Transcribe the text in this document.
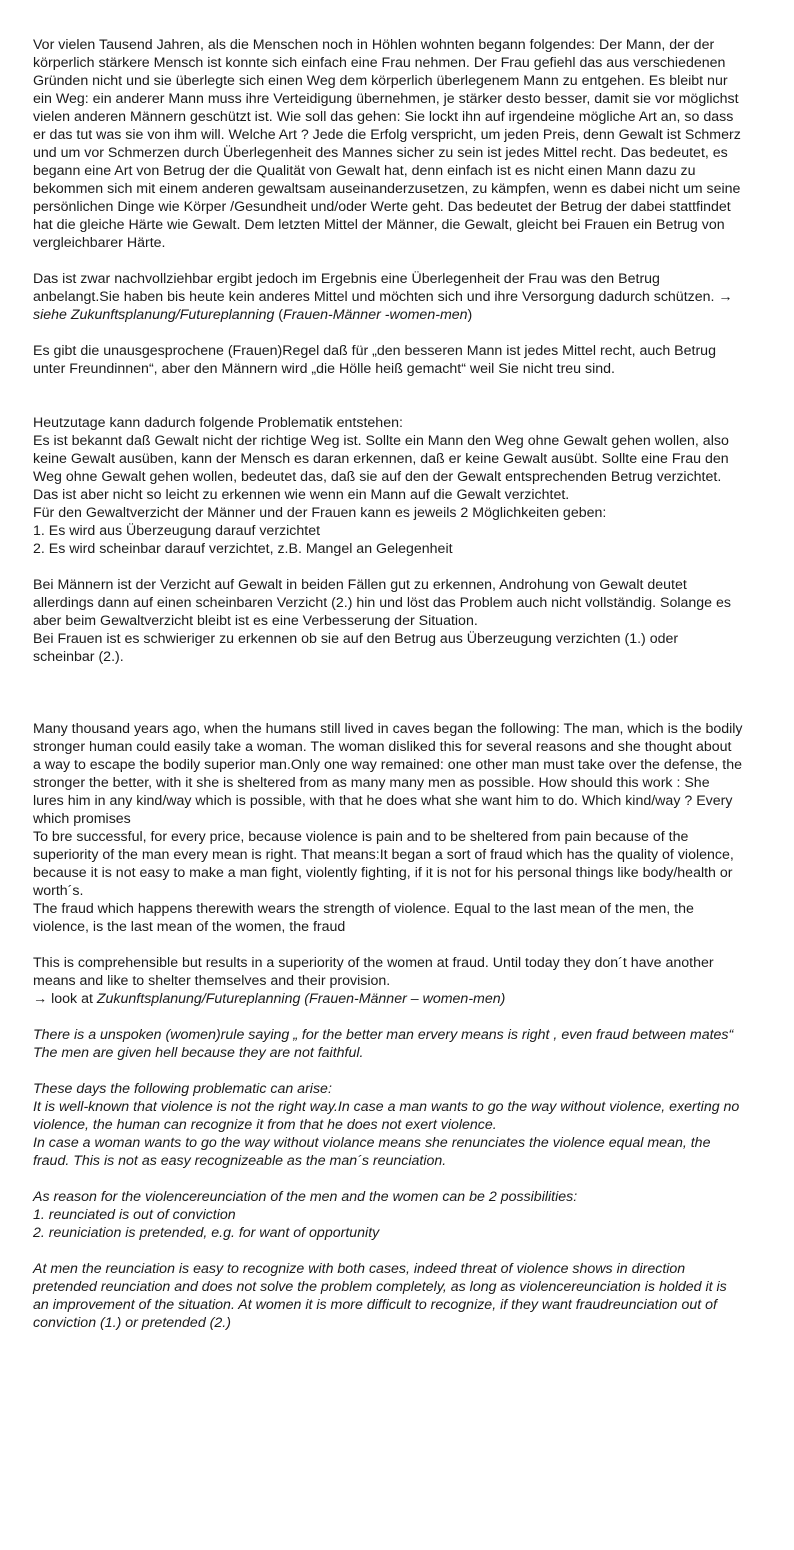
Vor vielen Tausend Jahren, als die Menschen noch in Höhlen wohnten begann folgendes: Der Mann, der der körperlich stärkere Mensch ist konnte sich einfach eine Frau nehmen. Der Frau gefiehl das aus verschiedenen Gründen nicht und sie überlegte sich einen Weg dem körperlich überlegenem Mann zu entgehen. Es bleibt nur ein Weg: ein anderer Mann muss ihre Verteidigung übernehmen, je stärker desto besser, damit sie vor möglichst vielen anderen Männern geschützt ist. Wie soll das gehen: Sie lockt ihn auf irgendeine mögliche Art an, so dass er das tut was sie von ihm will. Welche Art ? Jede die Erfolg verspricht, um jeden Preis, denn Gewalt ist Schmerz und um vor Schmerzen durch Überlegenheit des Mannes sicher zu sein ist jedes Mittel recht. Das bedeutet, es begann eine Art von Betrug der die Qualität von Gewalt hat, denn einfach ist es nicht einen Mann dazu zu bekommen sich mit einem anderen gewaltsam auseinanderzusetzen, zu kämpfen, wenn es dabei nicht um seine persönlichen Dinge wie Körper /Gesundheit und/oder Werte geht. Das bedeutet der Betrug der dabei stattfindet hat die gleiche Härte wie Gewalt. Dem letzten Mittel der Männer, die Gewalt, gleicht bei Frauen ein Betrug von vergleichbarer Härte.

Das ist zwar nachvollziehbar ergibt jedoch im Ergebnis eine Überlegenheit der Frau was den Betrug anbelangt.Sie haben bis heute kein anderes Mittel und möchten sich und ihre Versorgung dadurch schützen. → siehe Zukunftsplanung/Futureplanning (Frauen-Männer -women-men)

Es gibt die unausgesprochene (Frauen)Regel daß für „den besseren Mann ist jedes Mittel recht, auch Betrug unter Freundinnen“, aber den Männern wird „die Hölle heiß gemacht“ weil Sie nicht treu sind.

Heutzutage kann dadurch folgende Problematik entstehen:
Es ist bekannt daß Gewalt nicht der richtige Weg ist. Sollte ein Mann den Weg ohne Gewalt gehen wollen, also keine Gewalt ausüben, kann der Mensch es daran erkennen, daß er keine Gewalt ausübt. Sollte eine Frau den Weg ohne Gewalt gehen wollen, bedeutet das, daß sie auf den der Gewalt entsprechenden Betrug verzichtet. Das ist aber nicht so leicht zu erkennen wie wenn ein Mann auf die Gewalt verzichtet.
Für den Gewaltverzicht der Männer und der Frauen kann es jeweils 2 Möglichkeiten geben:
1. Es wird aus Überzeugung darauf verzichtet
2. Es wird scheinbar darauf verzichtet, z.B. Mangel an Gelegenheit

Bei Männern ist der Verzicht auf Gewalt in beiden Fällen gut zu erkennen, Androhung von Gewalt deutet allerdings dann auf einen scheinbaren Verzicht (2.) hin und löst das Problem auch nicht vollständig. Solange es aber beim Gewaltverzicht bleibt ist es eine Verbesserung der Situation.
Bei Frauen ist es schwieriger zu erkennen ob sie auf den Betrug aus Überzeugung verzichten (1.) oder scheinbar (2.).

Many thousand years ago, when the humans still lived in caves began the following: The man, which is the bodily stronger human could easily take a woman. The woman disliked this for several reasons and she thought about a way to escape the bodily superior man.Only one way remained: one other man must take over the defense, the stronger the better, with it she is sheltered from as many many men as possible. How should this work : She lures him in any kind/way which is possible, with that he does what she want him to do. Which kind/way ? Every which promises
To bre successful, for every price, because violence is pain and to be sheltered from pain because of the superiority of the man every mean is right. That means:It began a sort of fraud which has the quality of violence, because it is not easy to make a man fight, violently fighting, if it is not for his personal things like body/health or worth´s.
The fraud which happens therewith wears the strength of violence. Equal to the last mean of the men, the violence, is the last mean of the women, the fraud

This is comprehensible but results in a superiority of the women at fraud. Until today they don´t have another means and like to shelter themselves and their provision.
→ look at Zukunftsplanung/Futureplanning (Frauen-Männer – women-men)

There is a unspoken (women)rule saying „ for the better man ervery means is right , even fraud between mates“
The men are given hell because they are not faithful.

These days the following problematic can arise:
It is well-known that violence is not the right way.In case a man wants to go the way without violence, exerting no violence, the human can recognize it from that he does not exert violence.
In case a woman wants to go the way without violance means she renunciates the violence equal mean, the fraud. This is not as easy recognizeable as the man´s reunciation.

As reason for the violencereunciation of the men and the women can be 2 possibilities:
1. reunciated is out of conviction
2. reuniciation is pretended, e.g. for want of opportunity

At men the reunciation is easy to recognize with both cases, indeed threat of violence shows in direction pretended reunciation and does not solve the problem completely, as long as violencereunciation is holded it is an improvement of the situation. At women it is more difficult to recognize, if they want fraudreunciation out of conviction (1.) or pretended (2.)
